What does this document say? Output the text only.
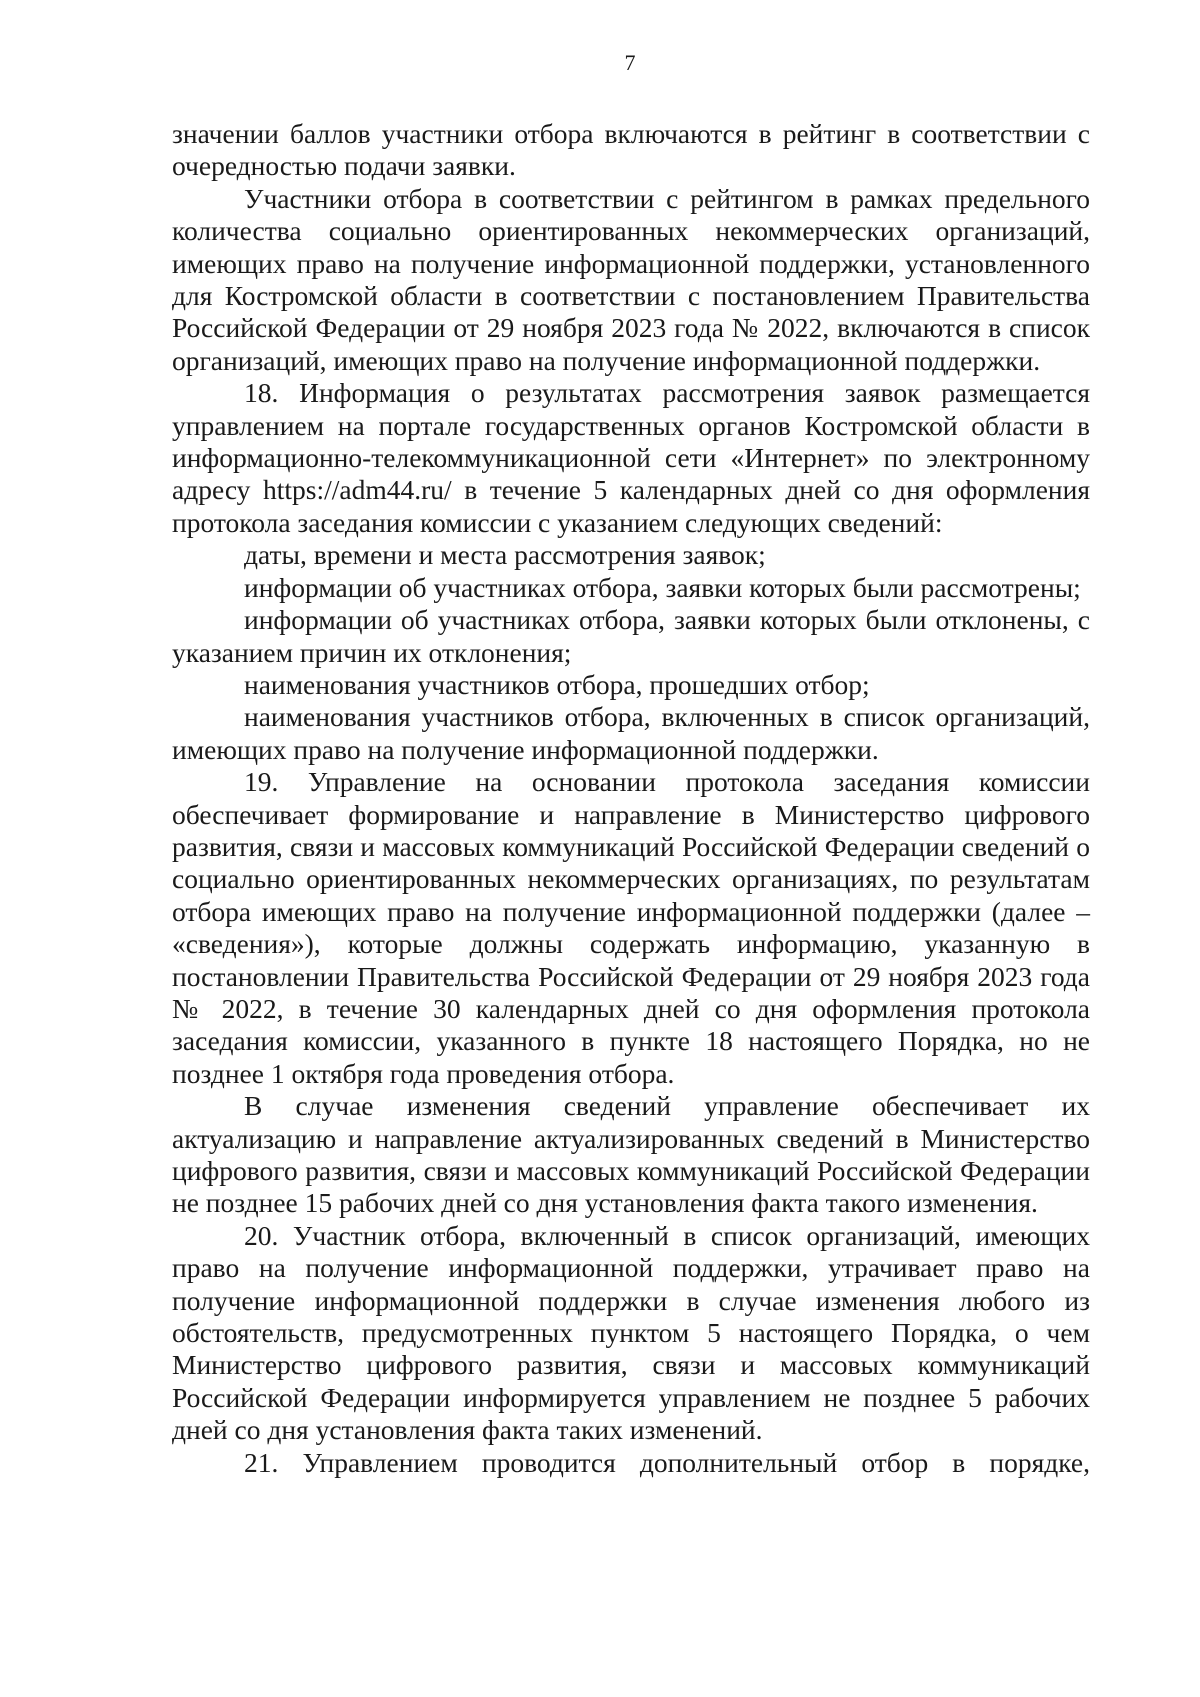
7

значении баллов участники отбора включаются в рейтинг в соответствии с очередностью подачи заявки.

Участники отбора в соответствии с рейтингом в рамках предельного количества социально ориентированных некоммерческих организаций, имеющих право на получение информационной поддержки, установленного для Костромской области в соответствии с постановлением Правительства Российской Федерации от 29 ноября 2023 года № 2022, включаются в список организаций, имеющих право на получение информационной поддержки.

18. Информация о результатах рассмотрения заявок размещается управлением на портале государственных органов Костромской области в информационно-телекоммуникационной сети «Интернет» по электронному адресу https://adm44.ru/ в течение 5 календарных дней со дня оформления протокола заседания комиссии с указанием следующих сведений:

даты, времени и места рассмотрения заявок;

информации об участниках отбора, заявки которых были рассмотрены;

информации об участниках отбора, заявки которых были отклонены, с указанием причин их отклонения;

наименования участников отбора, прошедших отбор;

наименования участников отбора, включенных в список организаций, имеющих право на получение информационной поддержки.

19. Управление на основании протокола заседания комиссии обеспечивает формирование и направление в Министерство цифрового развития, связи и массовых коммуникаций Российской Федерации сведений о социально ориентированных некоммерческих организациях, по результатам отбора имеющих право на получение информационной поддержки (далее – «сведения»), которые должны содержать информацию, указанную в постановлении Правительства Российской Федерации от 29 ноября 2023 года № 2022, в течение 30 календарных дней со дня оформления протокола заседания комиссии, указанного в пункте 18 настоящего Порядка, но не позднее 1 октября года проведения отбора.

В случае изменения сведений управление обеспечивает их актуализацию и направление актуализированных сведений в Министерство цифрового развития, связи и массовых коммуникаций Российской Федерации не позднее 15 рабочих дней со дня установления факта такого изменения.

20. Участник отбора, включенный в список организаций, имеющих право на получение информационной поддержки, утрачивает право на получение информационной поддержки в случае изменения любого из обстоятельств, предусмотренных пунктом 5 настоящего Порядка, о чем Министерство цифрового развития, связи и массовых коммуникаций Российской Федерации информируется управлением не позднее 5 рабочих дней со дня установления факта таких изменений.

21. Управлением проводится дополнительный отбор в порядке,
